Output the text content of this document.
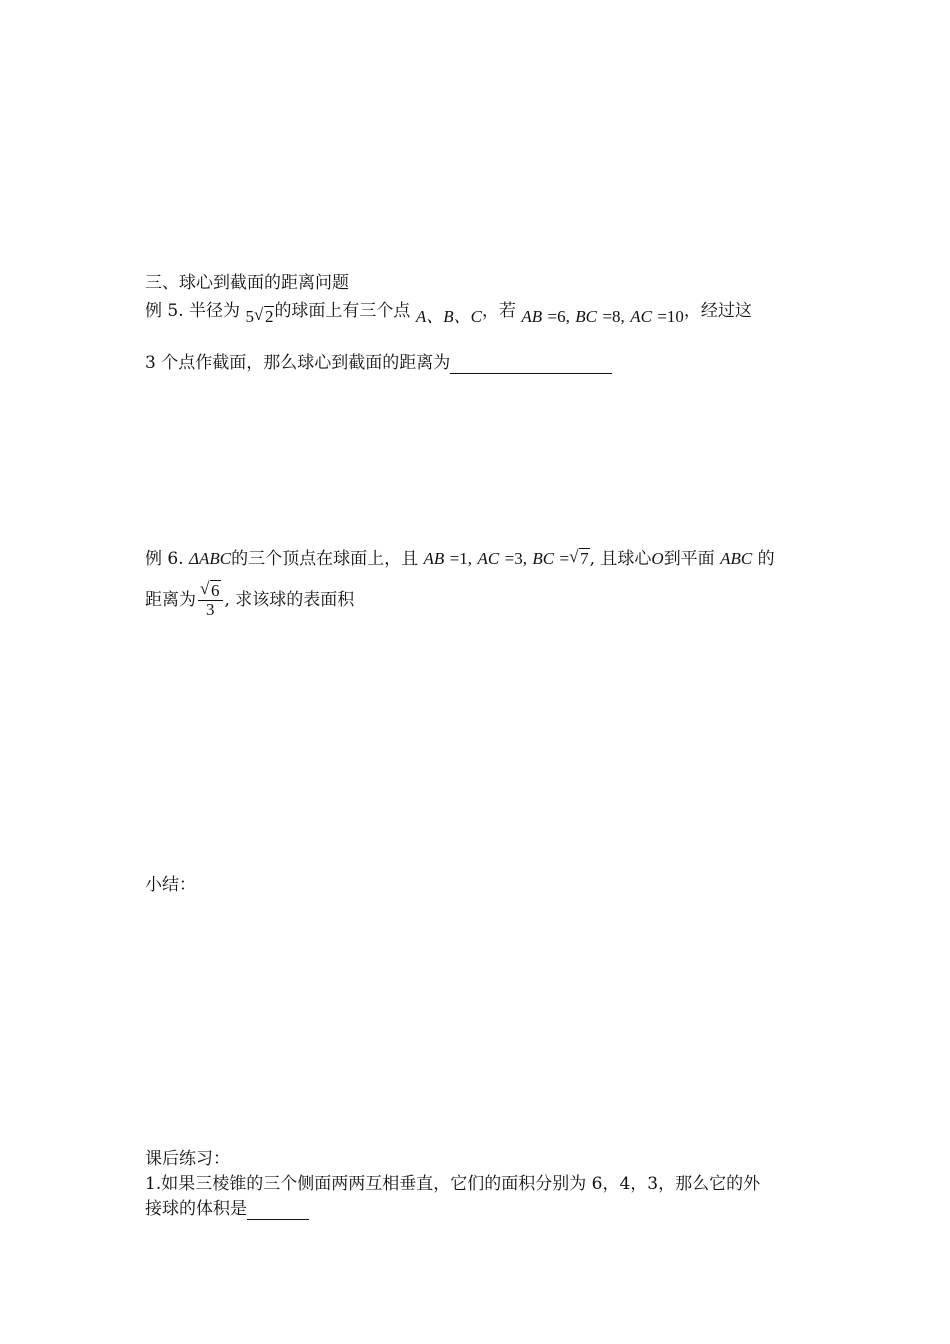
三、球心到截面的距离问题
例 5. 半径为 5 √ 2的球面上有三个点 A、B、C，若 AB =6, BC =8, AC =10，经过这
3 个点作截面，那么球心到截面的距离为
例 6. ΔABC的三个顶点在球面上，且 AB =1, AC =3, BC = √ 7, 且球心O到平面 ABC 的
距离为 $\frac{√ 6}{3}$ , 求该球的表面积
小结：
课后练习：
1.如果三棱锥的三个侧面两两互相垂直，它们的面积分别为 6，4，3，那么它的外
接球的体积是
